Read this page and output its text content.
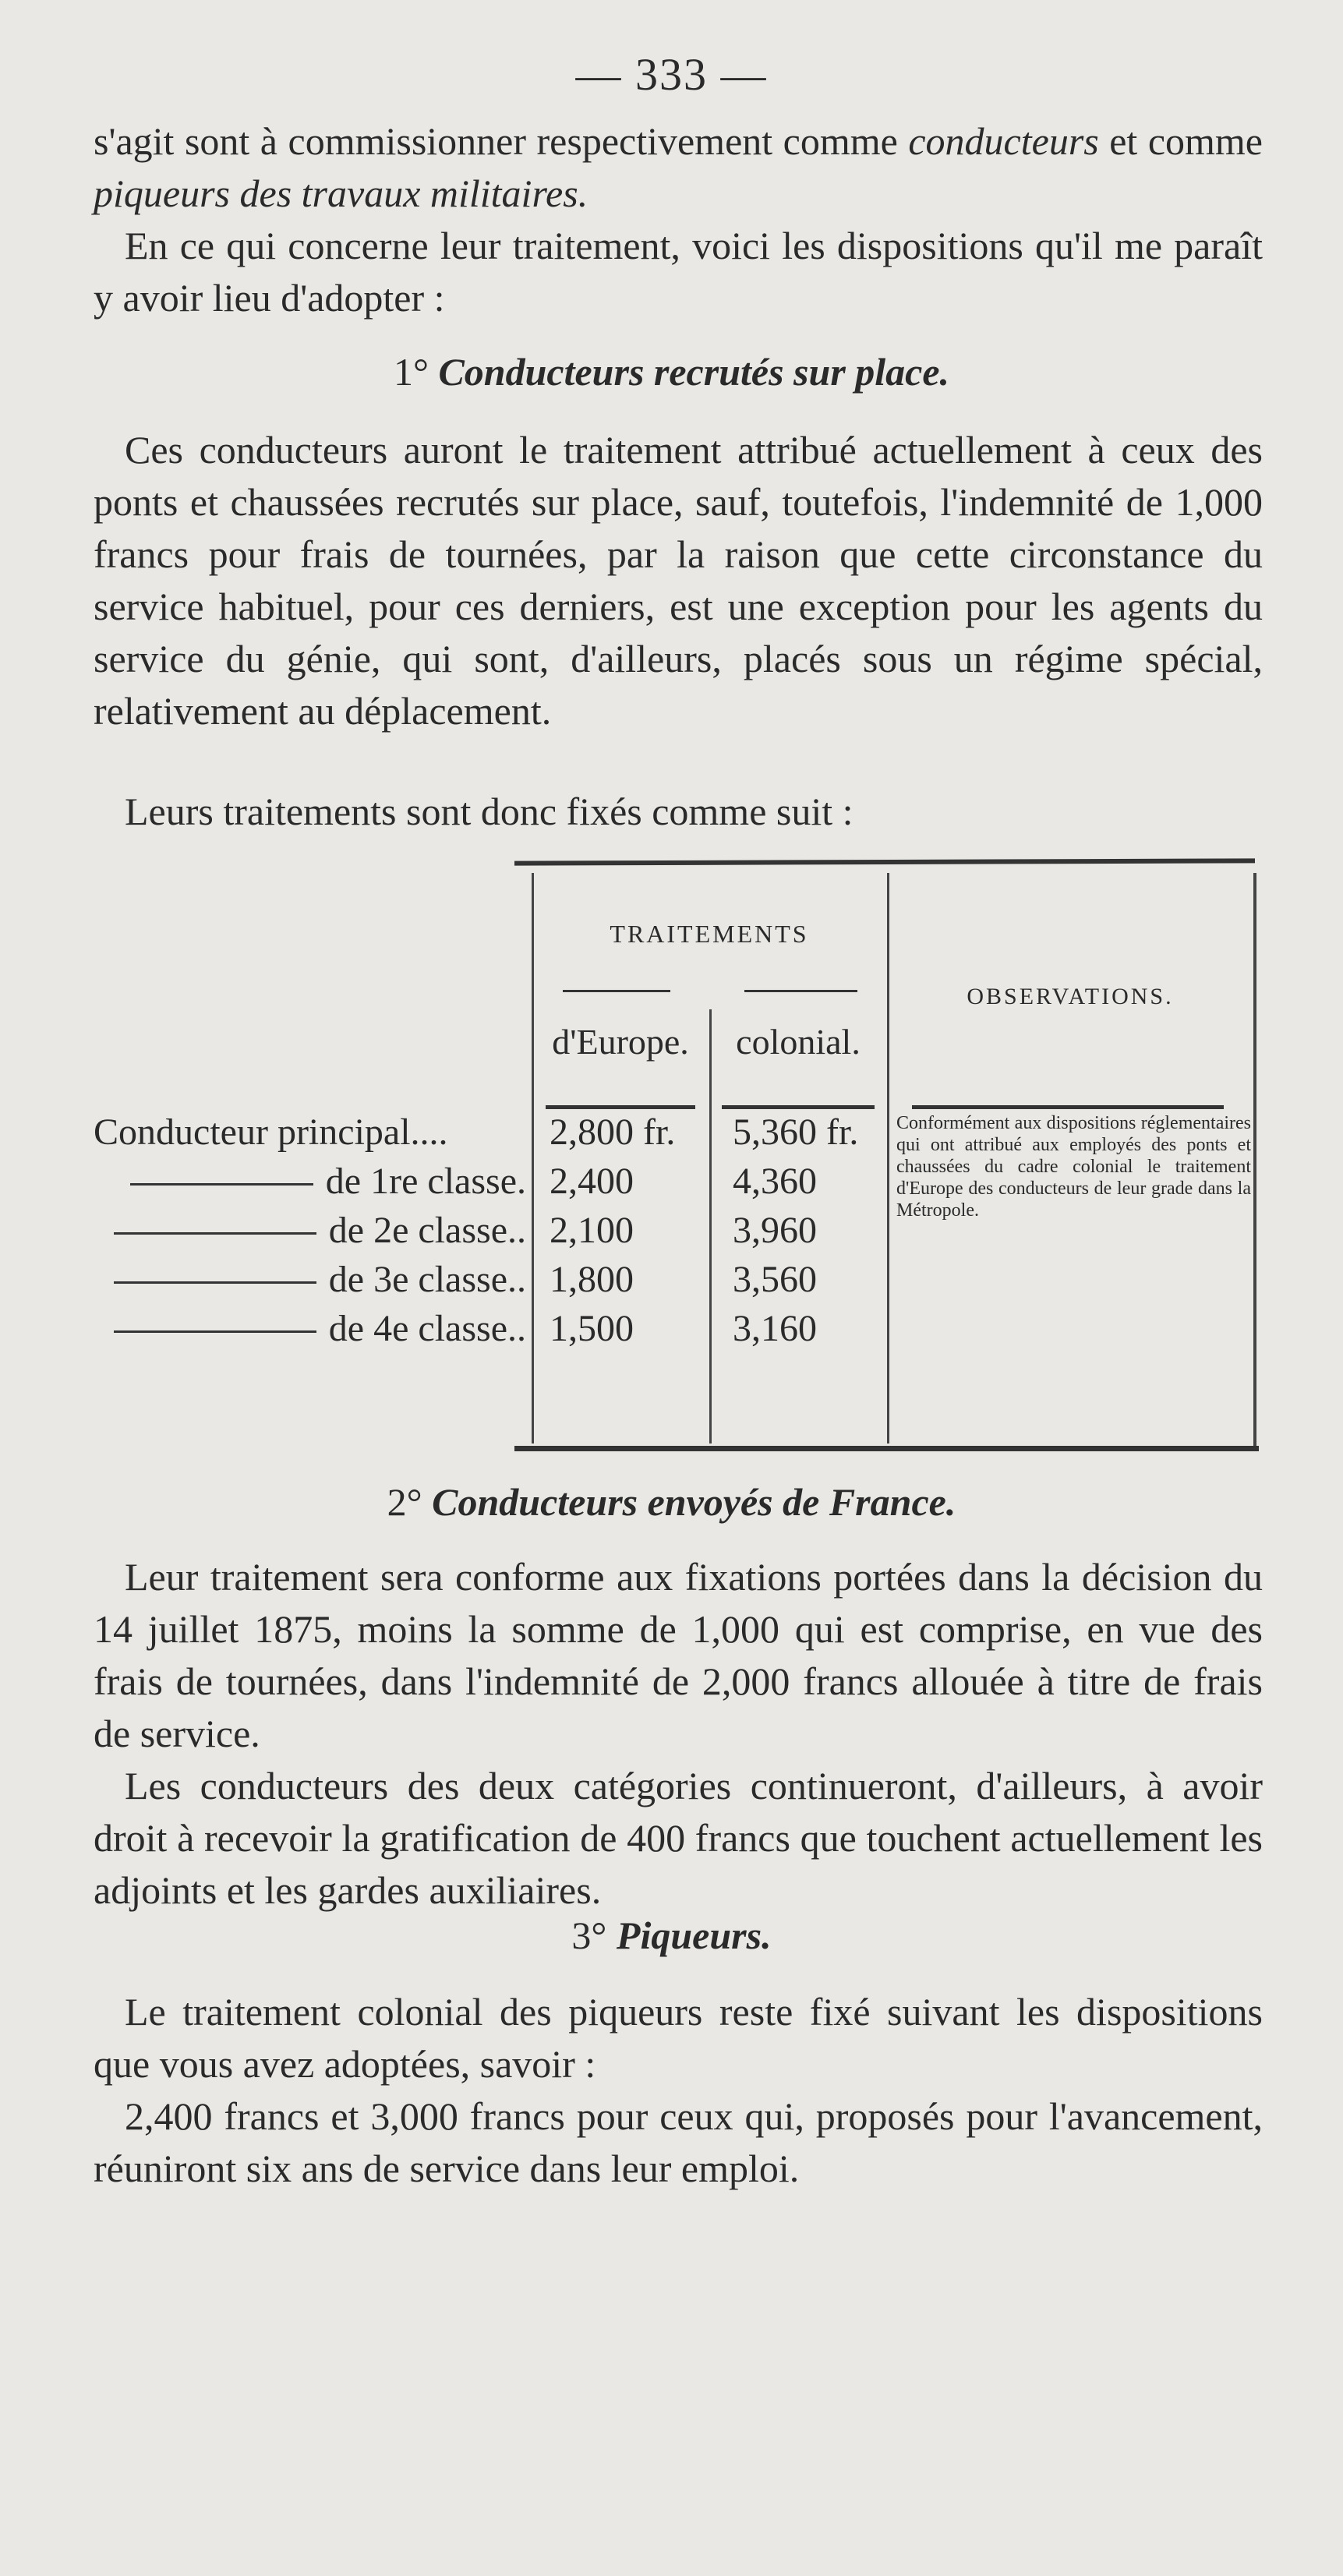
— 333 —

s'agit sont à commissionner respectivement comme conducteurs et comme piqueurs des travaux militaires.

En ce qui concerne leur traitement, voici les dispositions qu'il me paraît y avoir lieu d'adopter :

1° Conducteurs recrutés sur place.

Ces conducteurs auront le traitement attribué actuellement à ceux des ponts et chaussées recrutés sur place, sauf, toutefois, l'indemnité de 1,000 francs pour frais de tournées, par la raison que cette circonstance du service habituel, pour ces derniers, est une exception pour les agents du service du génie, qui sont, d'ailleurs, placés sous un régime spécial, relativement au déplacement.

Leurs traitements sont donc fixés comme suit :

TRAITEMENTS
d'Europe.	colonial.
OBSERVATIONS.
Conducteur principal....
de 1re classe.
de 2e classe..
de 3e classe..
de 4e classe..
2,800 fr.
2,400
2,100
1,800
1,500
5,360 fr.
4,360
3,960
3,560
3,160
Conformément aux dispositions réglementaires qui ont attribué aux employés des ponts et chaussées du cadre colonial le traitement d'Europe des conducteurs de leur grade dans la Métropole.
2° Conducteurs envoyés de France.

Leur traitement sera conforme aux fixations portées dans la décision du 14 juillet 1875, moins la somme de 1,000 qui est comprise, en vue des frais de tournées, dans l'indemnité de 2,000 francs allouée à titre de frais de service.

Les conducteurs des deux catégories continueront, d'ailleurs, à avoir droit à recevoir la gratification de 400 francs que touchent actuellement les adjoints et les gardes auxiliaires.

3° Piqueurs.

Le traitement colonial des piqueurs reste fixé suivant les dispositions que vous avez adoptées, savoir :

2,400 francs et 3,000 francs pour ceux qui, proposés pour l'avancement, réuniront six ans de service dans leur emploi.
